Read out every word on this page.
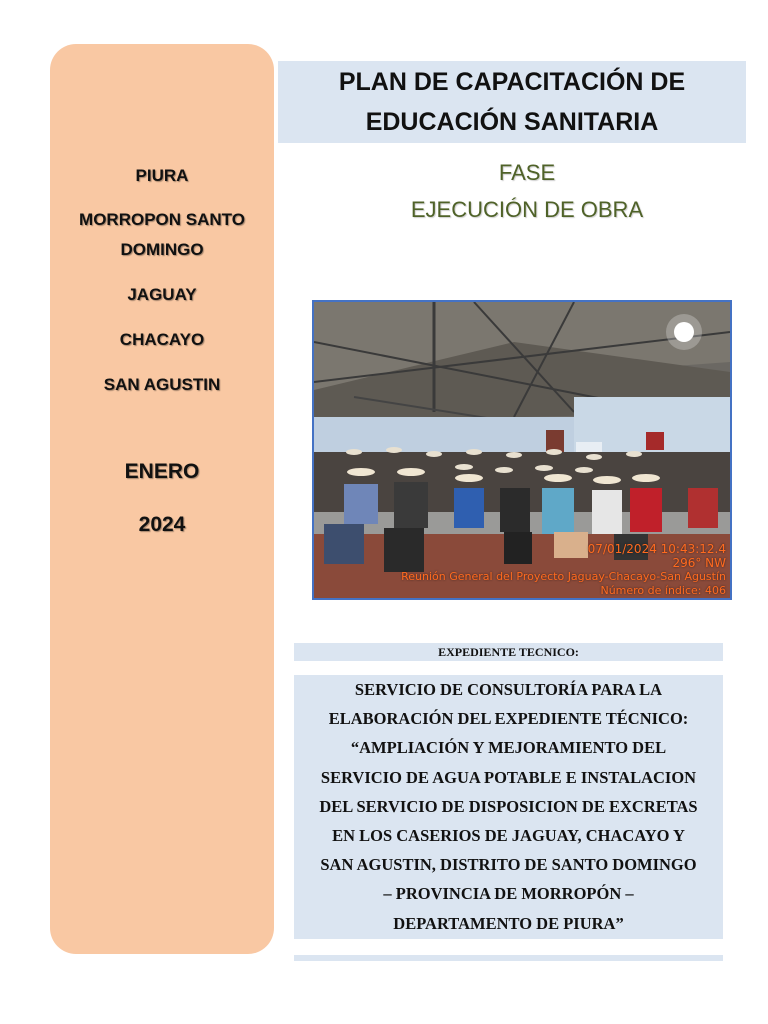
PIURA
MORROPON SANTO
DOMINGO
JAGUAY
CHACAYO
SAN AGUSTIN
ENERO
2024
PLAN DE CAPACITACIÓN DE
EDUCACIÓN SANITARIA
FASE
EJECUCIÓN DE OBRA
07/01/2024 10:43:12.4
296° NW
Reunión General del Proyecto Jaguay-Chacayo-San Agustín
Número de índice: 406
EXPEDIENTE TECNICO:
SERVICIO DE CONSULTORÍA PARA LA
ELABORACIÓN DEL EXPEDIENTE TÉCNICO:
“AMPLIACIÓN Y MEJORAMIENTO DEL
SERVICIO DE AGUA POTABLE E INSTALACION
DEL SERVICIO DE DISPOSICION DE EXCRETAS
EN LOS CASERIOS DE JAGUAY, CHACAYO Y
SAN AGUSTIN, DISTRITO DE SANTO DOMINGO
– PROVINCIA DE MORROPÓN –
DEPARTAMENTO DE PIURA”
